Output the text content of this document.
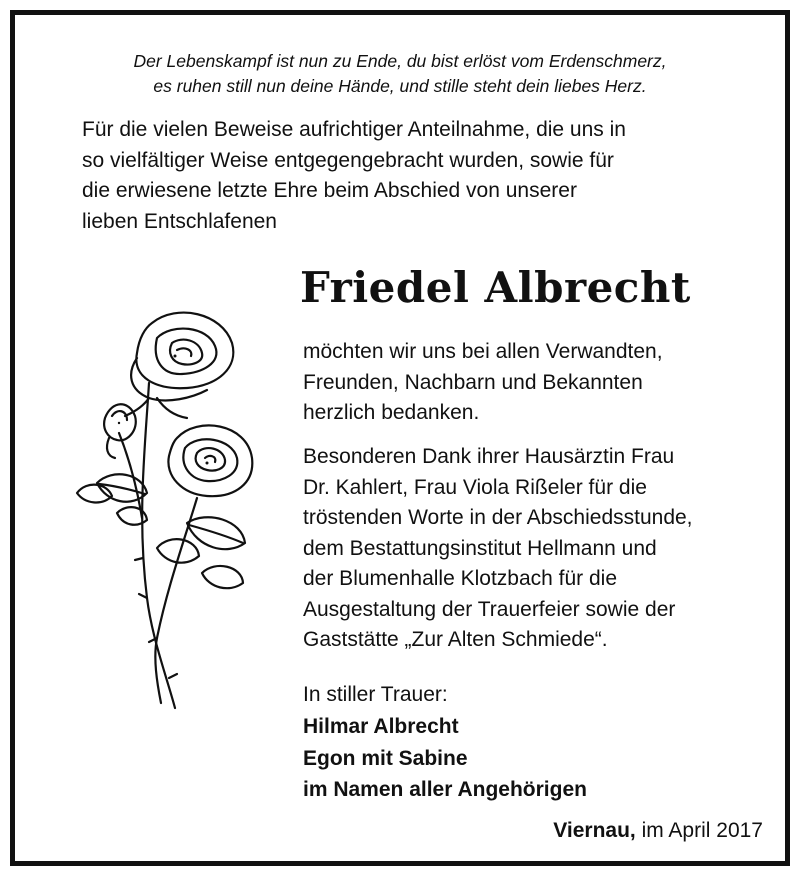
Der Lebenskampf ist nun zu Ende, du bist erlöst vom Erdenschmerz,
es ruhen still nun deine Hände, und stille steht dein liebes Herz.
Für die vielen Beweise aufrichtiger Anteilnahme, die uns in
so vielfältiger Weise entgegengebracht wurden, sowie für
die erwiesene letzte Ehre beim Abschied von unserer
lieben Entschlafenen
Friedel Albrecht
möchten wir uns bei allen Verwandten,
Freunden, Nachbarn und Bekannten
herzlich bedanken.
Besonderen Dank ihrer Hausärztin Frau
Dr. Kahlert, Frau Viola Rißeler für die
tröstenden Worte in der Abschiedsstunde,
dem Bestattungsinstitut Hellmann und
der Blumenhalle Klotzbach für die
Ausgestaltung der Trauerfeier sowie der
Gaststätte „Zur Alten Schmiede“.
In stiller Trauer:
Hilmar Albrecht
Egon mit Sabine
im Namen aller Angehörigen
Viernau, im April 2017
